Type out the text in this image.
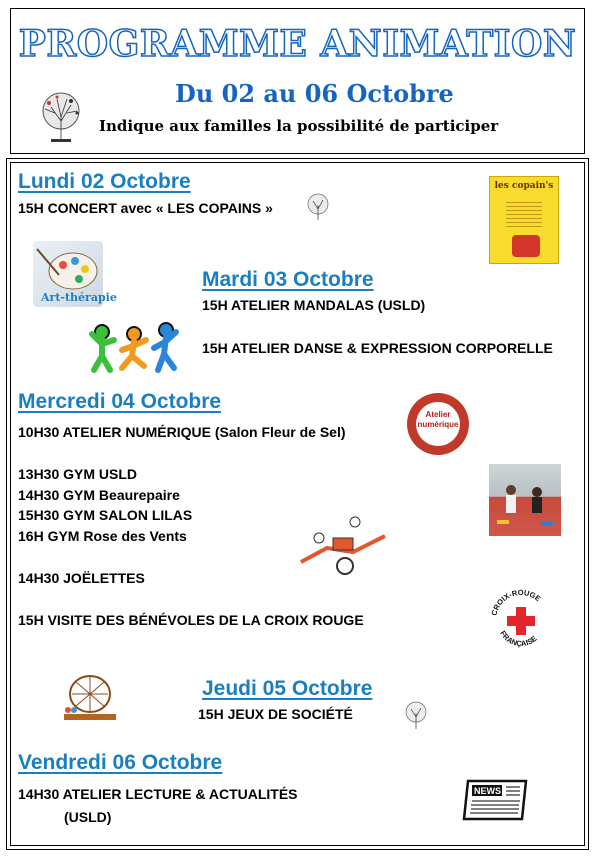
PROGRAMME ANIMATION
Du 02 au 06 Octobre
Indique aux familles la possibilité de participer
Lundi 02 Octobre
15H CONCERT avec « LES COPAINS »
les copain's
Art-thérapie
Mardi 03 Octobre
15H ATELIER MANDALAS (USLD)
15H ATELIER DANSE & EXPRESSION CORPORELLE
Mercredi 04 Octobre
Atelier numérique
10H30 ATELIER NUMÉRIQUE (Salon Fleur de Sel)
13H30 GYM USLD
14H30 GYM Beaurepaire
15H30 GYM SALON LILAS
16H GYM Rose des Vents
14H30 JOËLETTES
15H VISITE DES BÉNÉVOLES DE LA CROIX ROUGE	CROIX-ROUGE
FRANÇAISE
Jeudi 05 Octobre
15H JEUX DE SOCIÉTÉ
Vendredi 06 Octobre
14H30 ATELIER LECTURE & ACTUALITÉS
(USLD)
NEWS
